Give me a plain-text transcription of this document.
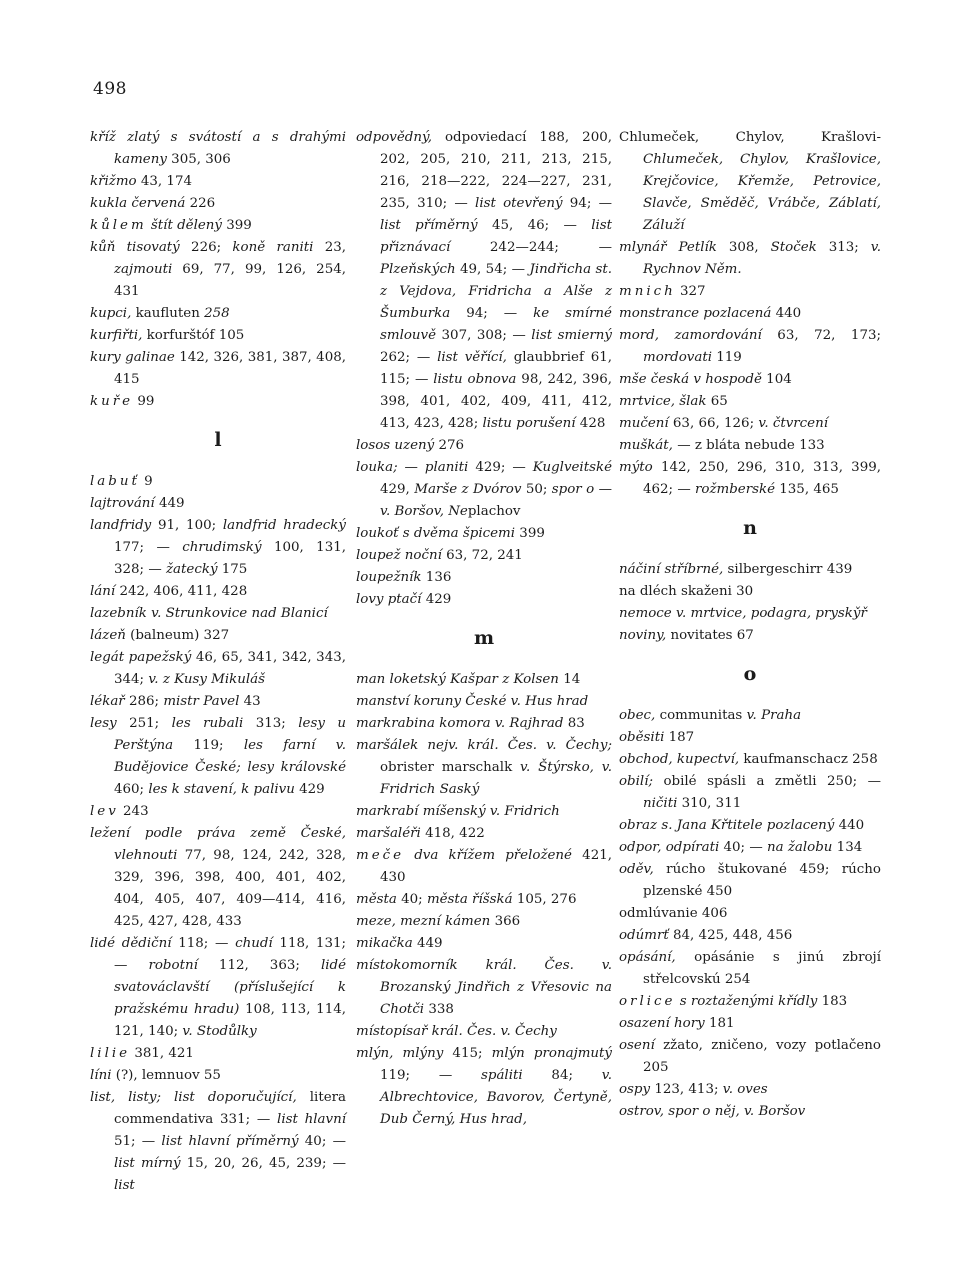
498

kříž zlatý s svátostí a s drahými kameny 305, 306

křižmo 43, 174

kukla červená 226

kůlem štít dělený 399

kůň tisovatý 226; koně raniti 23, zajmouti 69, 77, 99, 126, 254, 431

kupci, kaufluten 258

kurfiřti, korfurštóf 105

kury galinae 142, 326, 381, 387, 408, 415

kuře 99

l

labuť 9

lajtrování 449

landfridy 91, 100; landfrid hradecký 177; — chrudimský 100, 131, 328; — žatecký 175

lání 242, 406, 411, 428

lazebník v. Strunkovice nad Blanicí

lázeň (balneum) 327

legát papežský 46, 65, 341, 342, 343, 344; v. z Kusy Mikuláš

lékař 286; mistr Pavel 43

lesy 251; les rubali 313; lesy u Perštýna 119; les farní v. Budějovice České; lesy královské 460; les k stavení, k palivu 429

lev 243

ležení podle práva země České, vlehnouti 77, 98, 124, 242, 328, 329, 396, 398, 400, 401, 402, 404, 405, 407, 409—414, 416, 425, 427, 428, 433

lidé dědiční 118; — chudí 118, 131; — robotní 112, 363; lidé svatováclavští (příslušející k pražskému hradu) 108, 113, 114, 121, 140; v. Stodůlky

lilie 381, 421

líni (?), lemnuov 55

list, listy; list doporučující, litera commendativa 331; — list hlavní 51; — list hlavní příměrný 40; — list mírný 15, 20, 26, 45, 239; — list

odpovědný, odpoviedací 188, 200, 202, 205, 210, 211, 213, 215, 216, 218—222, 224—227, 231, 235, 310; — list otevřený 94; — list příměrný 45, 46; — list přiznávací 242—244; — Plzeňských 49, 54; — Jindřicha st. z Vejdova, Fridricha a Alše z Šumburka 94; — ke smírné smlouvě 307, 308; — list smierný 262; — list věřící, glaubbrief 61, 115; — listu obnova 98, 242, 396, 398, 401, 402, 409, 411, 412, 413, 423, 428; listu porušení 428

losos uzený 276

louka; — planiti 429; — Kuglveitské 429, Marše z Dvórov 50; spor o — v. Boršov, Neplachov

loukoť s dvěma špicemi 399

loupež noční 63, 72, 241

loupežník 136

lovy ptačí 429

m

man loketský Kašpar z Kolsen 14

manství koruny České v. Hus hrad

markrabina komora v. Rajhrad 83

maršálek nejv. král. Čes. v. Čechy; obrister marschalk v. Štýrsko, v. Fridrich Saský

markrabí míšenský v. Fridrich

maršaléři 418, 422

meče dva křížem přeložené 421, 430

města 40; města říšská 105, 276

meze, mezní kámen 366

mikačka 449

místokomorník král. Čes. v. Brozanský Jindřich z Vřesovic na Chotči 338

místopísař král. Čes. v. Čechy

mlýn, mlýny 415; mlýn pronajmutý 119; — spáliti 84; v. Albrechtovice, Bavorov, Čertyně, Dub Černý, Hus hrad,

Chlumeček, Chylov, Krašlovi-Chlumeček, Chylov, Krašlovice, Krejčovice, Křemže, Petrovice, Slavče, Směděč, Vrábče, Záblatí, Záluží

mlynář Petlík 308, Stoček 313; v. Rychnov Něm.

mnich 327

monstrance pozlacená 440

mord, zamordování 63, 72, 173; mordovati 119

mše česká v hospodě 104

mrtvice, šlak 65

mučení 63, 66, 126; v. čtvrcení

muškát, — z bláta nebude 133

mýto 142, 250, 296, 310, 313, 399, 462; — rožmberské 135, 465

n

náčiní stříbrné, silbergeschirr 439

na dléch skaženi 30

nemoce v. mrtvice, podagra, prysky̌ř

noviny, novitates 67

o

obec, communitas v. Praha

oběsiti 187

obchod, kupectví, kaufmanschacz 258

obilí; obilé spásli a změtli 250; — ničiti 310, 311

obraz s. Jana Křtitele pozlacený 440

odpor, odpírati 40; — na žalobu 134

oděv, rúcho štukované 459; rúcho plzenské 450

odmlúvanie 406

odúmrť 84, 425, 448, 456

opásání, opásánie s jinú zbrojí střelcovskú 254

orlice s roztaženými křídly 183

osazení hory 181

osení zžato, zničeno, vozy potlačeno 205

ospy 123, 413; v. oves

ostrov, spor o něj, v. Boršov
